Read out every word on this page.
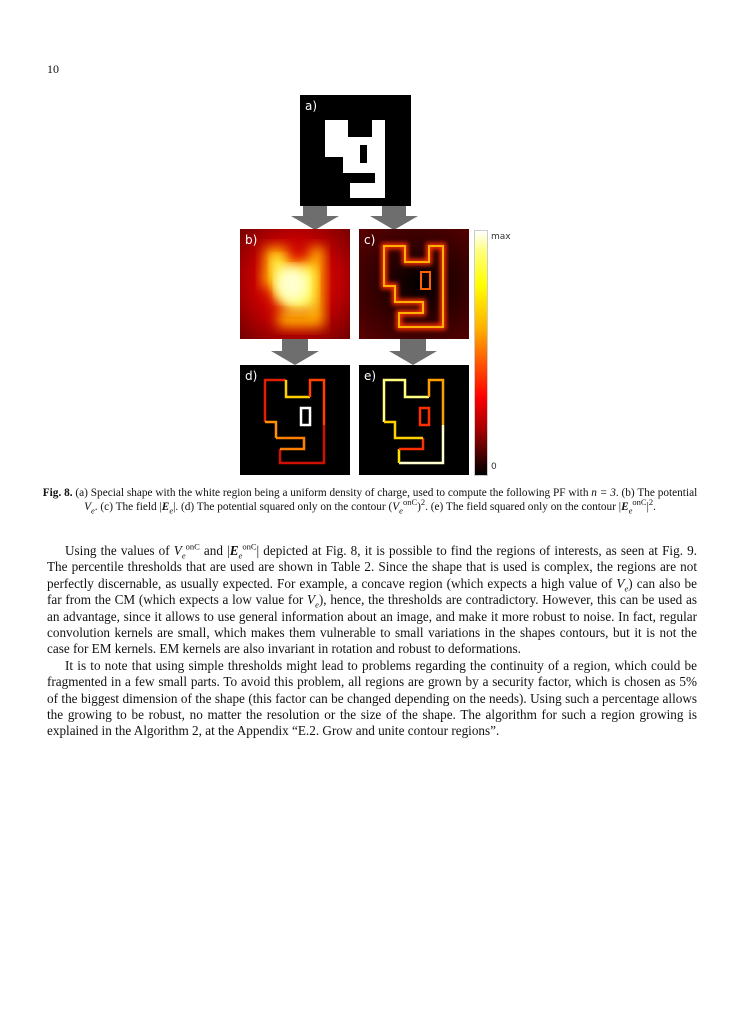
10
a)
$V_e$	$|E_e|$
b)	c)	max
0
onC	onC
d)	e)
Fig. 8. (a) Special shape with the white region being a uniform density of charge, used to compute the following PF with n = 3. (b) The potential $V_e$. (c) The field $|E_e|$. (d) The potential squared only on the contour $(V_e^{onC})^2$. (e) The field squared only on the contour $|E_e^{onC}|^2$.

Using the values of $V_e^{onC}$ and $|E_e^{onC}|$ depicted at Fig. 8, it is possible to find the regions of interests, as seen at Fig. 9. The percentile thresholds that are used are shown in Table 2. Since the shape that is used is complex, the regions are not perfectly discernable, as usually expected. For example, a concave region (which expects a high value of $V_e$) can also be far from the CM (which expects a low value for $V_e$), hence, the thresholds are contradictory. However, this can be used as an advantage, since it allows to use general information about an image, and make it more robust to noise. In fact, regular convolution kernels are small, which makes them vulnerable to small variations in the shapes contours, but it is not the case for EM kernels. EM kernels are also invariant in rotation and robust to deformations.

It is to note that using simple thresholds might lead to problems regarding the continuity of a region, which could be fragmented in a few small parts. To avoid this problem, all regions are grown by a security factor, which is chosen as 5% of the biggest dimension of the shape (this factor can be changed depending on the needs). Using such a percentage allows the growing to be robust, no matter the resolution or the size of the shape. The algorithm for such a region growing is explained in the Algorithm 2, at the Appendix “E.2. Grow and unite contour regions”.
